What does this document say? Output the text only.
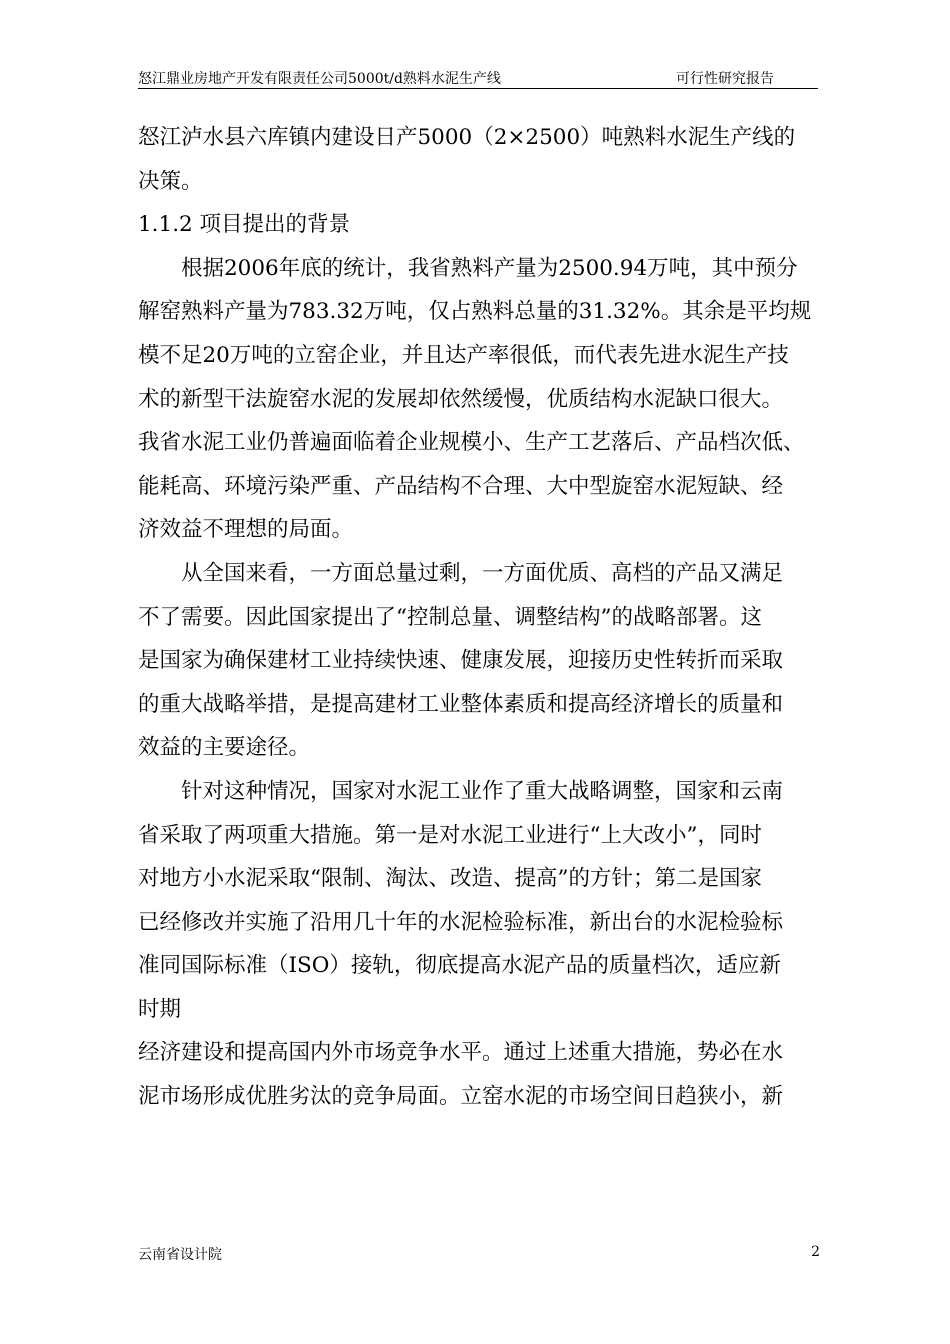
怒江鼎业房地产开发有限责任公司5000t/d熟料水泥生产线	可行性研究报告
怒江泸水县六库镇内建设日产5000（2×2500）吨熟料水泥生产线的
决策。
1.1.2 项目提出的背景
根据2006年底的统计，我省熟料产量为2500.94万吨，其中预分
解窑熟料产量为783.32万吨，仅占熟料总量的31.32%。其余是平均规
模不足20万吨的立窑企业，并且达产率很低，而代表先进水泥生产技
术的新型干法旋窑水泥的发展却依然缓慢，优质结构水泥缺口很大。
我省水泥工业仍普遍面临着企业规模小、生产工艺落后、产品档次低、
能耗高、环境污染严重、产品结构不合理、大中型旋窑水泥短缺、经
济效益不理想的局面。
从全国来看，一方面总量过剩，一方面优质、高档的产品又满足
不了需要。因此国家提出了“控制总量、调整结构”的战略部署。这
是国家为确保建材工业持续快速、健康发展，迎接历史性转折而采取
的重大战略举措，是提高建材工业整体素质和提高经济增长的质量和
效益的主要途径。
针对这种情况，国家对水泥工业作了重大战略调整，国家和云南
省采取了两项重大措施。第一是对水泥工业进行“上大改小”，同时
对地方小水泥采取“限制、淘汰、改造、提高”的方针；第二是国家
已经修改并实施了沿用几十年的水泥检验标准，新出台的水泥检验标
准同国际标准（ISO）接轨，彻底提高水泥产品的质量档次，适应新
时期
经济建设和提高国内外市场竞争水平。通过上述重大措施，势必在水
泥市场形成优胜劣汰的竞争局面。立窑水泥的市场空间日趋狭小，新
云南省设计院	2
